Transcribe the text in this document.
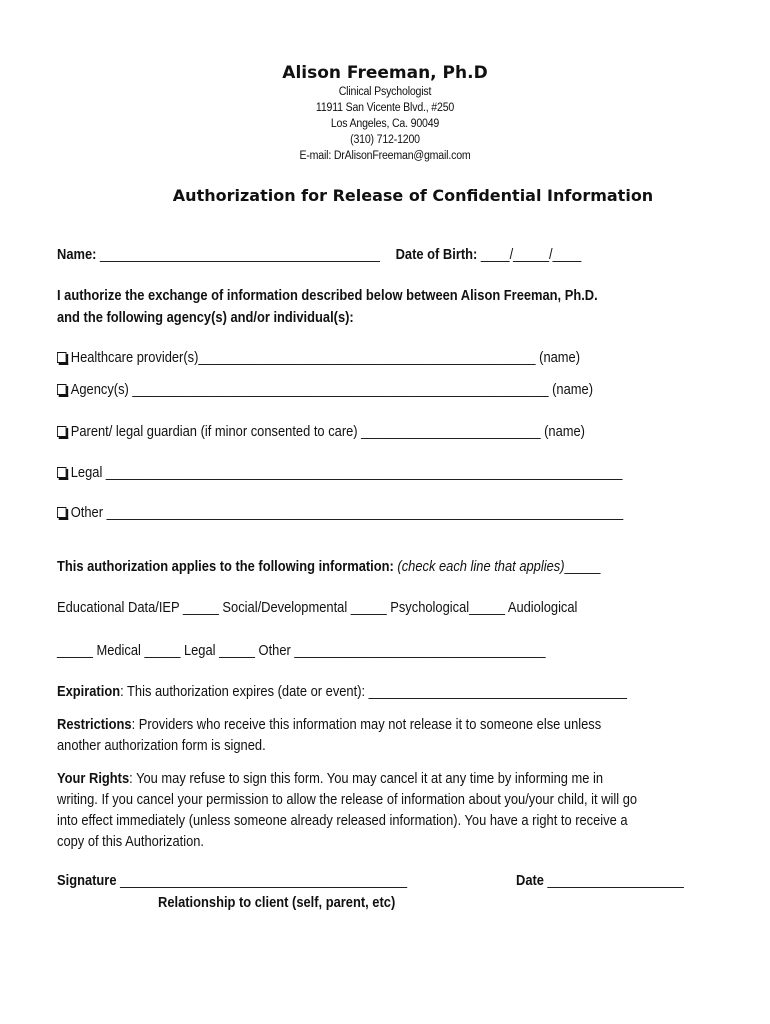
Alison Freeman, Ph.D
Clinical Psychologist
11911 San Vicente Blvd., #250
Los Angeles, Ca. 90049
(310) 712-1200
E-mail: DrAlisonFreeman@gmail.com
Authorization for Release of Confidential Information
Name: _______________________________________ Date of Birth: ____/_____/____
I authorize the exchange of information described below between Alison Freeman, Ph.D.
and the following agency(s) and/or individual(s):
Healthcare provider(s)_______________________________________________ (name)
Agency(s) __________________________________________________________ (name)
Parent/ legal guardian (if minor consented to care) _________________________ (name)
Legal ________________________________________________________________________
Other ________________________________________________________________________
This authorization applies to the following information: (check each line that applies)_____
Educational Data/IEP _____ Social/Developmental _____ Psychological_____ Audiological
_____ Medical _____ Legal _____ Other ___________________________________
Expiration: This authorization expires (date or event): ____________________________________
Restrictions: Providers who receive this information may not release it to someone else unless
another authorization form is signed.
Your Rights: You may refuse to sign this form. You may cancel it at any time by informing me in
writing. If you cancel your permission to allow the release of information about you/your child, it will go
into effect immediately (unless someone already released information). You have a right to receive a
copy of this Authorization.
Signature ________________________________________	Date ___________________
Relationship to client (self, parent, etc)
